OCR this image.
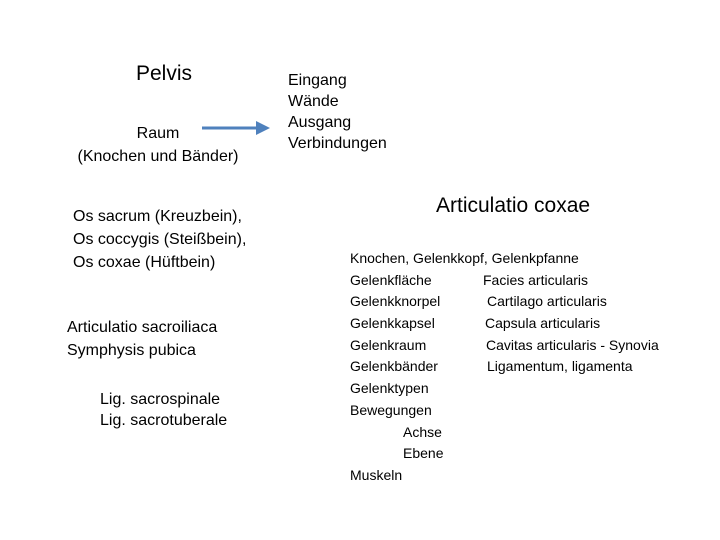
Pelvis
Raum
(Knochen und Bänder)
Os sacrum (Kreuzbein),
Os coccygis (Steißbein),
Os coxae (Hüftbein)
Articulatio sacroiliaca
Symphysis pubica
Lig. sacrospinale
Lig. sacrotuberale
Eingang
Wände
Ausgang
Verbindungen
Articulatio coxae
Knochen, Gelenkkopf, Gelenkpfanne
Gelenkfläche	Facies articularis
Gelenkknorpel	Cartilago articularis
Gelenkkapsel	Capsula articularis
Gelenkraum	Cavitas articularis - Synovia
Gelenkbänder	Ligamentum, ligamenta
Gelenktypen
Bewegungen
Achse
Ebene
Muskeln
